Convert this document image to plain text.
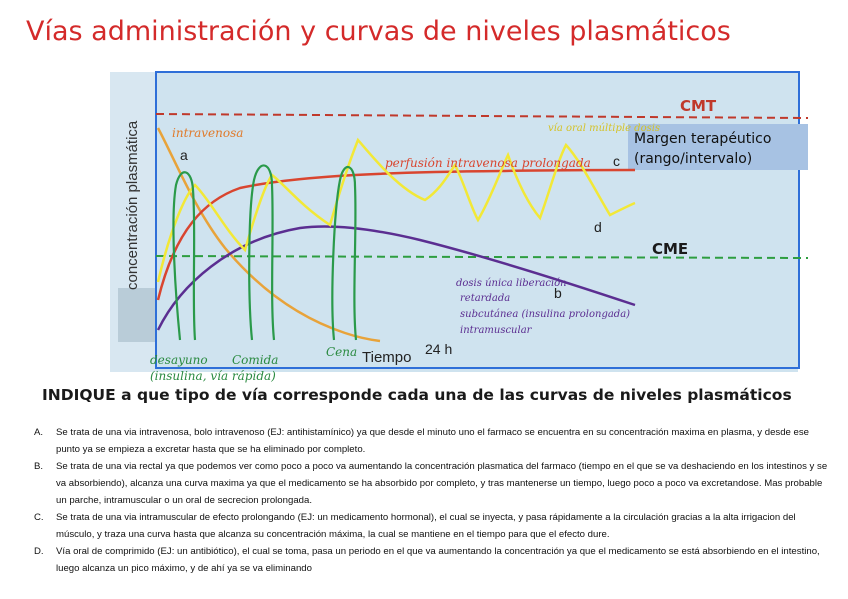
Vías administración y curvas de niveles plasmáticos
concentración plasmática	Margen terapéutico
(rango/intervalo)
CMT
CME
a	c
d
b
intravenosa	vía oral múltiple dosis
perfusión intravenosa prolongada
dosis única liberación
retardada
subcutánea (insulina prolongada)
intramuscular
Tiempo 24 h
desayuno
(insulina, vía rápida)
Comida
Cena
INDIQUE a que tipo de vía corresponde cada una de las curvas de niveles plasmáticos
A. Se trata de una via intravenosa, bolo intravenoso (EJ: antihistamínico) ya que desde el minuto uno el farmaco se encuentra en su concentración maxima en plasma, y desde ese punto ya se empieza a excretar hasta que se ha eliminado por completo.
B. Se trata de una via rectal ya que podemos ver como poco a poco va aumentando la concentración plasmatica del farmaco (tiempo en el que se va deshaciendo en los intestinos y se va absorbiendo), alcanza una curva maxima ya que el medicamento se ha absorbido por completo, y tras mantenerse un tiempo, luego poco a poco va excretandose. Mas probable un parche, intramuscular o un oral de secrecion prolongada.
C. Se trata de una via intramuscular de efecto prolongando (EJ: un medicamento hormonal), el cual se inyecta, y pasa rápidamente a la circulación gracias a la alta irrigacion del músculo, y traza una curva hasta que alcanza su concentración máxima, la cual se mantiene en el tiempo para que el efecto dure.
D. Vía oral de comprimido (EJ: un antibiótico), el cual se toma, pasa un periodo en el que va aumentando la concentración ya que el medicamento se está absorbiendo en el intestino, luego alcanza un pico máximo, y de ahí ya se va eliminando
